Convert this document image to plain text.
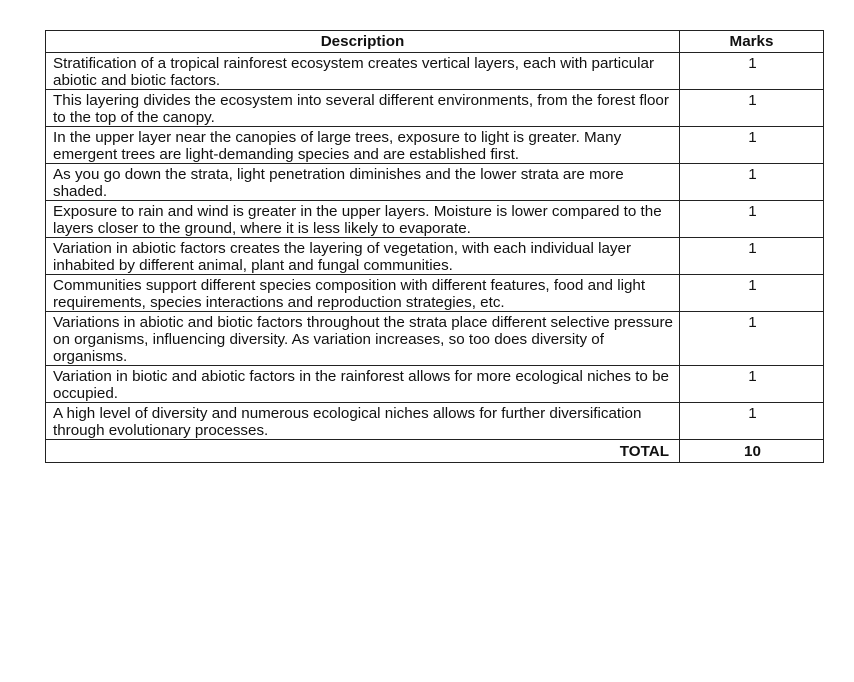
Description	Marks
Stratification of a tropical rainforest ecosystem creates vertical layers, each with particular abiotic and biotic factors.	1
This layering divides the ecosystem into several different environments, from the forest floor to the top of the canopy.	1
In the upper layer near the canopies of large trees, exposure to light is greater. Many emergent trees are light-demanding species and are established first.	1
As you go down the strata, light penetration diminishes and the lower strata are more shaded.	1
Exposure to rain and wind is greater in the upper layers. Moisture is lower compared to the layers closer to the ground, where it is less likely to evaporate.	1
Variation in abiotic factors creates the layering of vegetation, with each individual layer inhabited by different animal, plant and fungal communities.	1
Communities support different species composition with different features, food and light requirements, species interactions and reproduction strategies, etc.	1
Variations in abiotic and biotic factors throughout the strata place different selective pressure on organisms, influencing diversity. As variation increases, so too does diversity of organisms.	1
Variation in biotic and abiotic factors in the rainforest allows for more ecological niches to be occupied.	1
A high level of diversity and numerous ecological niches allows for further diversification through evolutionary processes.	1
TOTAL	10
